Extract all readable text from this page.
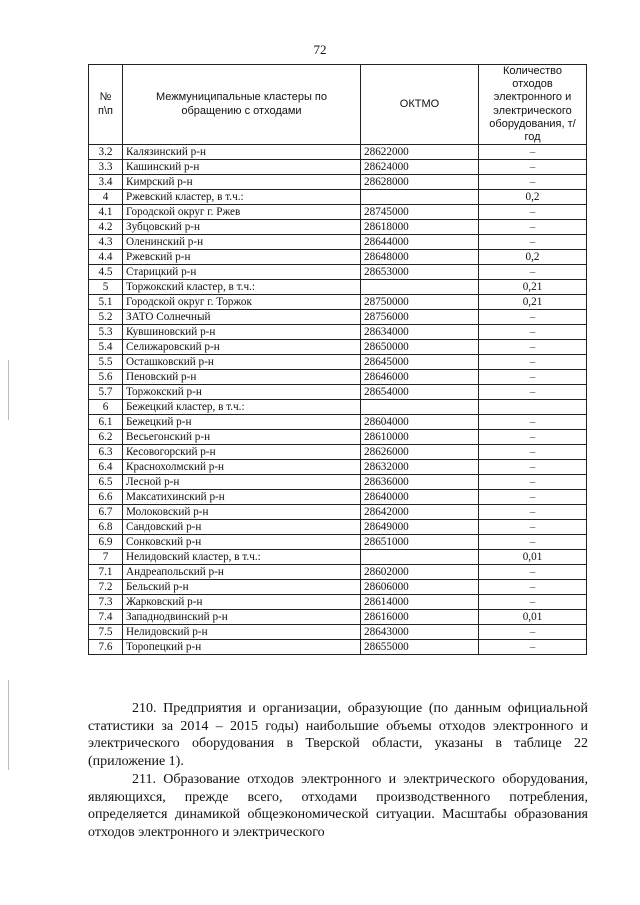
72
№ п\п	Межмуниципальные кластеры по обращению с отходами	ОКТМО	Количество отходов электронного и электрического оборудования, т/год
3.2	Калязинский р-н	28622000	–
3.3	Кашинский р-н	28624000	–
3.4	Кимрский р-н	28628000	–
4	Ржевский кластер, в т.ч.:		0,2
4.1	Городской округ г. Ржев	28745000	–
4.2	Зубцовский р-н	28618000	–
4.3	Оленинский р-н	28644000	–
4.4	Ржевский р-н	28648000	0,2
4.5	Старицкий р-н	28653000	–
5	Торжокский кластер, в т.ч.:		0,21
5.1	Городской округ г. Торжок	28750000	0,21
5.2	ЗАТО Солнечный	28756000	–
5.3	Кувшиновский р-н	28634000	–
5.4	Селижаровский р-н	28650000	–
5.5	Осташковский р-н	28645000	–
5.6	Пеновский р-н	28646000	–
5.7	Торжокский р-н	28654000	–
6	Бежецкий кластер, в т.ч.:		
6.1	Бежецкий р-н	28604000	–
6.2	Весьегонский р-н	28610000	–
6.3	Кесовогорский р-н	28626000	–
6.4	Краснохолмский р-н	28632000	–
6.5	Лесной р-н	28636000	–
6.6	Максатихинский р-н	28640000	–
6.7	Молоковский р-н	28642000	–
6.8	Сандовский р-н	28649000	–
6.9	Сонковский р-н	28651000	–
7	Нелидовский кластер, в т.ч.:		0,01
7.1	Андреапольский р-н	28602000	–
7.2	Бельский р-н	28606000	–
7.3	Жарковский р-н	28614000	–
7.4	Западнодвинский р-н	28616000	0,01
7.5	Нелидовский р-н	28643000	–
7.6	Торопецкий р-н	28655000	–
210. Предприятия и организации, образующие (по данным официальной статистики за 2014 – 2015 годы) наибольшие объемы отходов электронного и электрического оборудования в Тверской области, указаны в таблице 22 (приложение 1).
211. Образование отходов электронного и электрического оборудования, являющихся, прежде всего, отходами производственного потребления, определяется динамикой общеэкономической ситуации. Масштабы образования отходов электронного и электрического
